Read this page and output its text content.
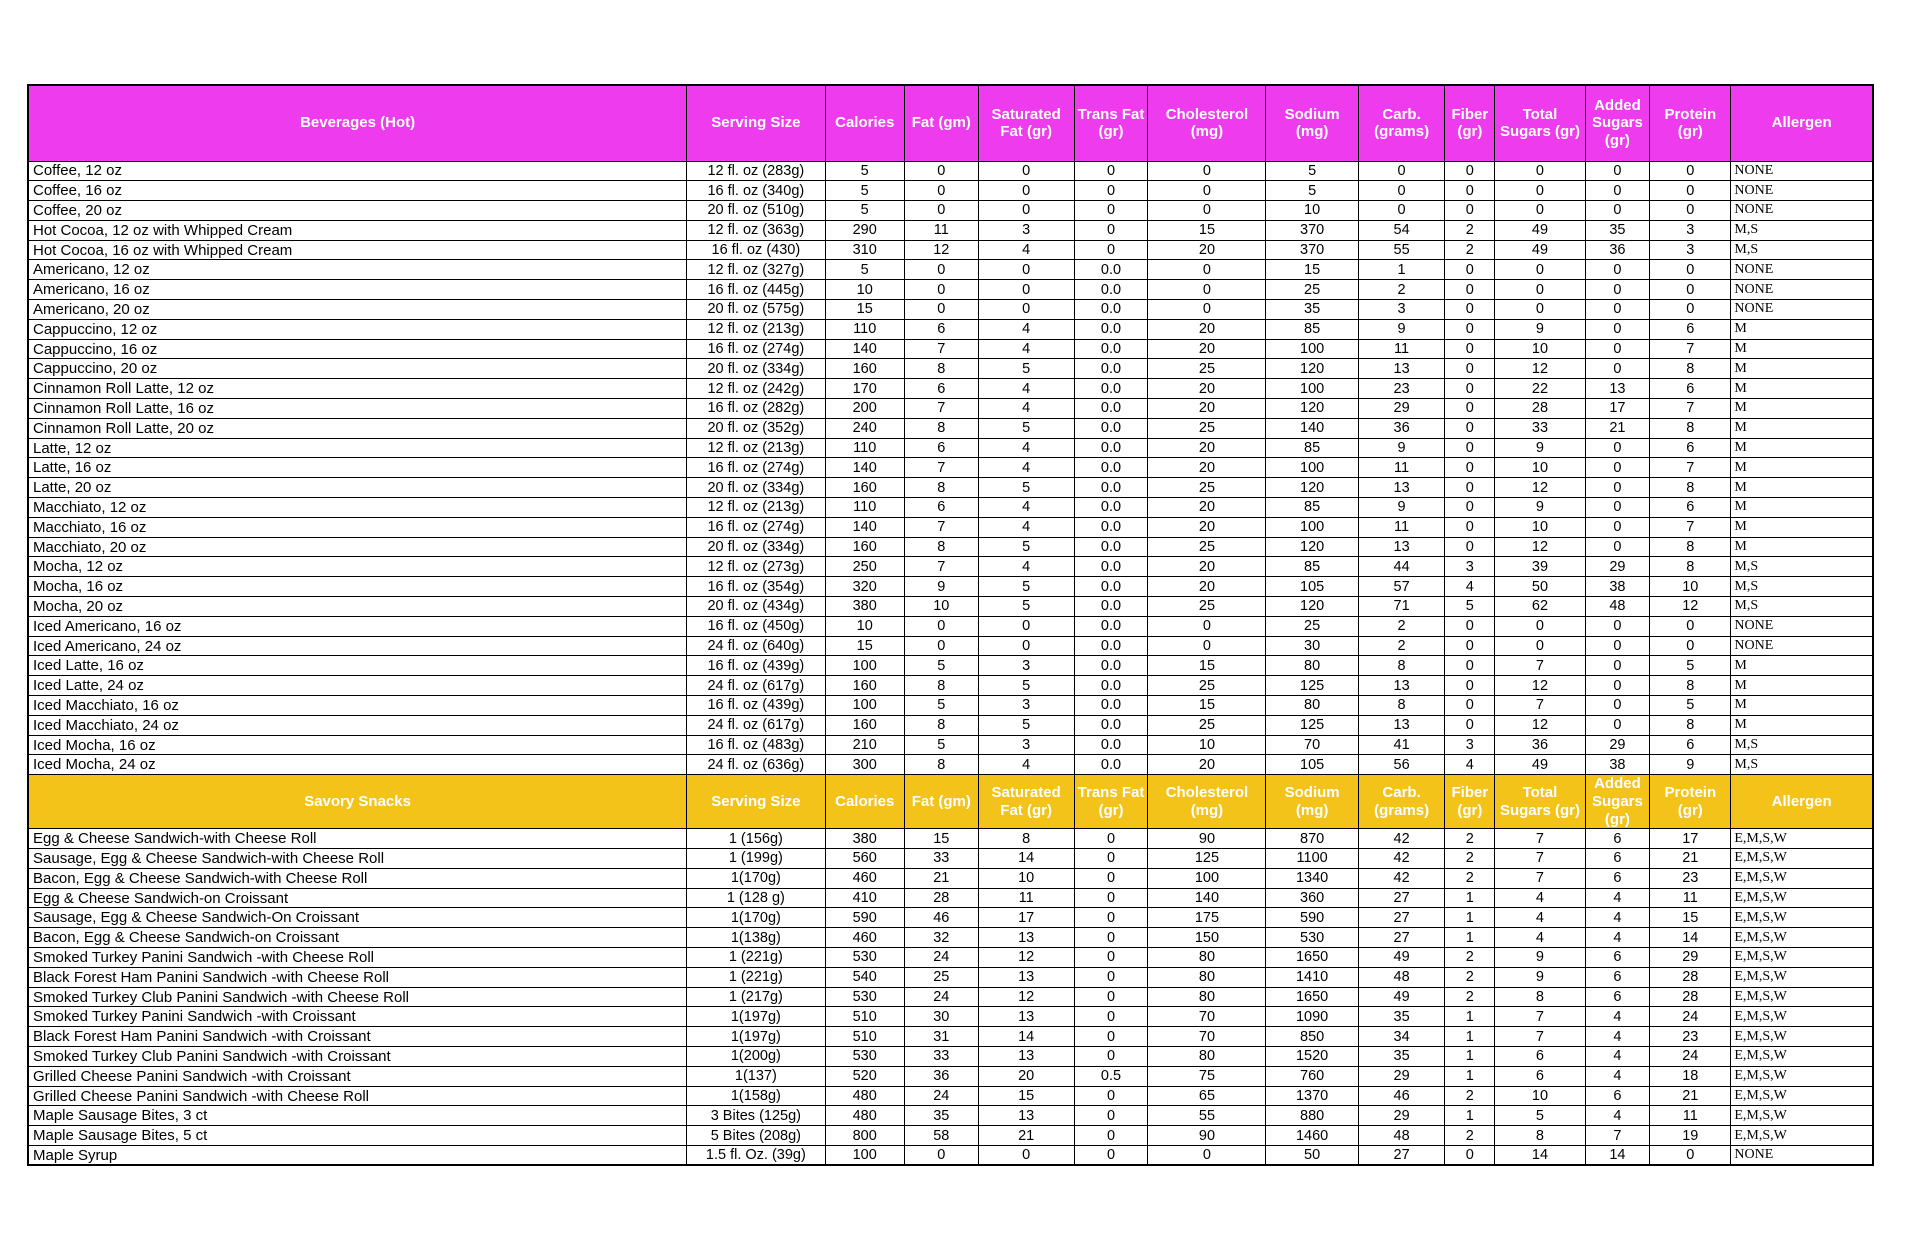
Beverages (Hot)	Serving Size	Calories	Fat (gm)	Saturated Fat (gr)	Trans Fat (gr)	Cholesterol (mg)	Sodium (mg)	Carb. (grams)	Fiber (gr)	Total Sugars (gr)	Added Sugars (gr)	Protein (gr)	Allergen
Coffee, 12 oz	12 fl. oz (283g)	5	0	0	0	0	5	0	0	0	0	0	NONE
Coffee, 16 oz	16 fl. oz (340g)	5	0	0	0	0	5	0	0	0	0	0	NONE
Coffee, 20 oz	20 fl. oz (510g)	5	0	0	0	0	10	0	0	0	0	0	NONE
Hot Cocoa, 12 oz with Whipped Cream	12 fl. oz (363g)	290	11	3	0	15	370	54	2	49	35	3	M,S
Hot Cocoa, 16 oz with Whipped Cream	16 fl. oz (430)	310	12	4	0	20	370	55	2	49	36	3	M,S
Americano, 12 oz	12 fl. oz (327g)	5	0	0	0.0	0	15	1	0	0	0	0	NONE
Americano, 16 oz	16 fl. oz (445g)	10	0	0	0.0	0	25	2	0	0	0	0	NONE
Americano, 20 oz	20 fl. oz (575g)	15	0	0	0.0	0	35	3	0	0	0	0	NONE
Cappuccino, 12 oz	12 fl. oz (213g)	110	6	4	0.0	20	85	9	0	9	0	6	M
Cappuccino, 16 oz	16 fl. oz (274g)	140	7	4	0.0	20	100	11	0	10	0	7	M
Cappuccino, 20 oz	20 fl. oz (334g)	160	8	5	0.0	25	120	13	0	12	0	8	M
Cinnamon Roll Latte, 12 oz	12 fl. oz (242g)	170	6	4	0.0	20	100	23	0	22	13	6	M
Cinnamon Roll Latte, 16 oz	16 fl. oz (282g)	200	7	4	0.0	20	120	29	0	28	17	7	M
Cinnamon Roll Latte, 20 oz	20 fl. oz (352g)	240	8	5	0.0	25	140	36	0	33	21	8	M
Latte, 12 oz	12 fl. oz (213g)	110	6	4	0.0	20	85	9	0	9	0	6	M
Latte, 16 oz	16 fl. oz (274g)	140	7	4	0.0	20	100	11	0	10	0	7	M
Latte, 20 oz	20 fl. oz (334g)	160	8	5	0.0	25	120	13	0	12	0	8	M
Macchiato, 12 oz	12 fl. oz (213g)	110	6	4	0.0	20	85	9	0	9	0	6	M
Macchiato, 16 oz	16 fl. oz (274g)	140	7	4	0.0	20	100	11	0	10	0	7	M
Macchiato, 20 oz	20 fl. oz (334g)	160	8	5	0.0	25	120	13	0	12	0	8	M
Mocha, 12 oz	12 fl. oz (273g)	250	7	4	0.0	20	85	44	3	39	29	8	M,S
Mocha, 16 oz	16 fl. oz (354g)	320	9	5	0.0	20	105	57	4	50	38	10	M,S
Mocha, 20 oz	20 fl. oz (434g)	380	10	5	0.0	25	120	71	5	62	48	12	M,S
Iced Americano, 16 oz	16 fl. oz (450g)	10	0	0	0.0	0	25	2	0	0	0	0	NONE
Iced Americano, 24 oz	24 fl. oz (640g)	15	0	0	0.0	0	30	2	0	0	0	0	NONE
Iced Latte, 16 oz	16 fl. oz (439g)	100	5	3	0.0	15	80	8	0	7	0	5	M
Iced Latte, 24 oz	24 fl. oz (617g)	160	8	5	0.0	25	125	13	0	12	0	8	M
Iced Macchiato, 16 oz	16 fl. oz (439g)	100	5	3	0.0	15	80	8	0	7	0	5	M
Iced Macchiato, 24 oz	24 fl. oz (617g)	160	8	5	0.0	25	125	13	0	12	0	8	M
Iced Mocha, 16 oz	16 fl. oz (483g)	210	5	3	0.0	10	70	41	3	36	29	6	M,S
Iced Mocha, 24 oz	24 fl. oz (636g)	300	8	4	0.0	20	105	56	4	49	38	9	M,S
Savory Snacks	Serving Size	Calories	Fat (gm)	Saturated Fat (gr)	Trans Fat (gr)	Cholesterol (mg)	Sodium (mg)	Carb. (grams)	Fiber (gr)	Total Sugars (gr)	Added Sugars (gr)	Protein (gr)	Allergen
Egg & Cheese Sandwich-with Cheese Roll	1 (156g)	380	15	8	0	90	870	42	2	7	6	17	E,M,S,W
Sausage, Egg & Cheese Sandwich-with Cheese Roll	1 (199g)	560	33	14	0	125	1100	42	2	7	6	21	E,M,S,W
Bacon, Egg & Cheese Sandwich-with Cheese Roll	1(170g)	460	21	10	0	100	1340	42	2	7	6	23	E,M,S,W
Egg & Cheese Sandwich-on Croissant	1 (128 g)	410	28	11	0	140	360	27	1	4	4	11	E,M,S,W
Sausage, Egg & Cheese Sandwich-On Croissant	1(170g)	590	46	17	0	175	590	27	1	4	4	15	E,M,S,W
Bacon, Egg & Cheese Sandwich-on Croissant	1(138g)	460	32	13	0	150	530	27	1	4	4	14	E,M,S,W
Smoked Turkey Panini Sandwich -with Cheese Roll	1 (221g)	530	24	12	0	80	1650	49	2	9	6	29	E,M,S,W
Black Forest Ham Panini Sandwich -with Cheese Roll	1 (221g)	540	25	13	0	80	1410	48	2	9	6	28	E,M,S,W
Smoked Turkey Club Panini Sandwich -with Cheese Roll	1 (217g)	530	24	12	0	80	1650	49	2	8	6	28	E,M,S,W
Smoked Turkey Panini Sandwich -with Croissant	1(197g)	510	30	13	0	70	1090	35	1	7	4	24	E,M,S,W
Black Forest Ham Panini Sandwich -with Croissant	1(197g)	510	31	14	0	70	850	34	1	7	4	23	E,M,S,W
Smoked Turkey Club Panini Sandwich -with Croissant	1(200g)	530	33	13	0	80	1520	35	1	6	4	24	E,M,S,W
Grilled Cheese Panini Sandwich -with Croissant	1(137)	520	36	20	0.5	75	760	29	1	6	4	18	E,M,S,W
Grilled Cheese Panini Sandwich -with Cheese Roll	1(158g)	480	24	15	0	65	1370	46	2	10	6	21	E,M,S,W
Maple Sausage Bites, 3 ct	3 Bites (125g)	480	35	13	0	55	880	29	1	5	4	11	E,M,S,W
Maple Sausage Bites, 5 ct	5 Bites (208g)	800	58	21	0	90	1460	48	2	8	7	19	E,M,S,W
Maple Syrup	1.5 fl. Oz. (39g)	100	0	0	0	0	50	27	0	14	14	0	NONE
